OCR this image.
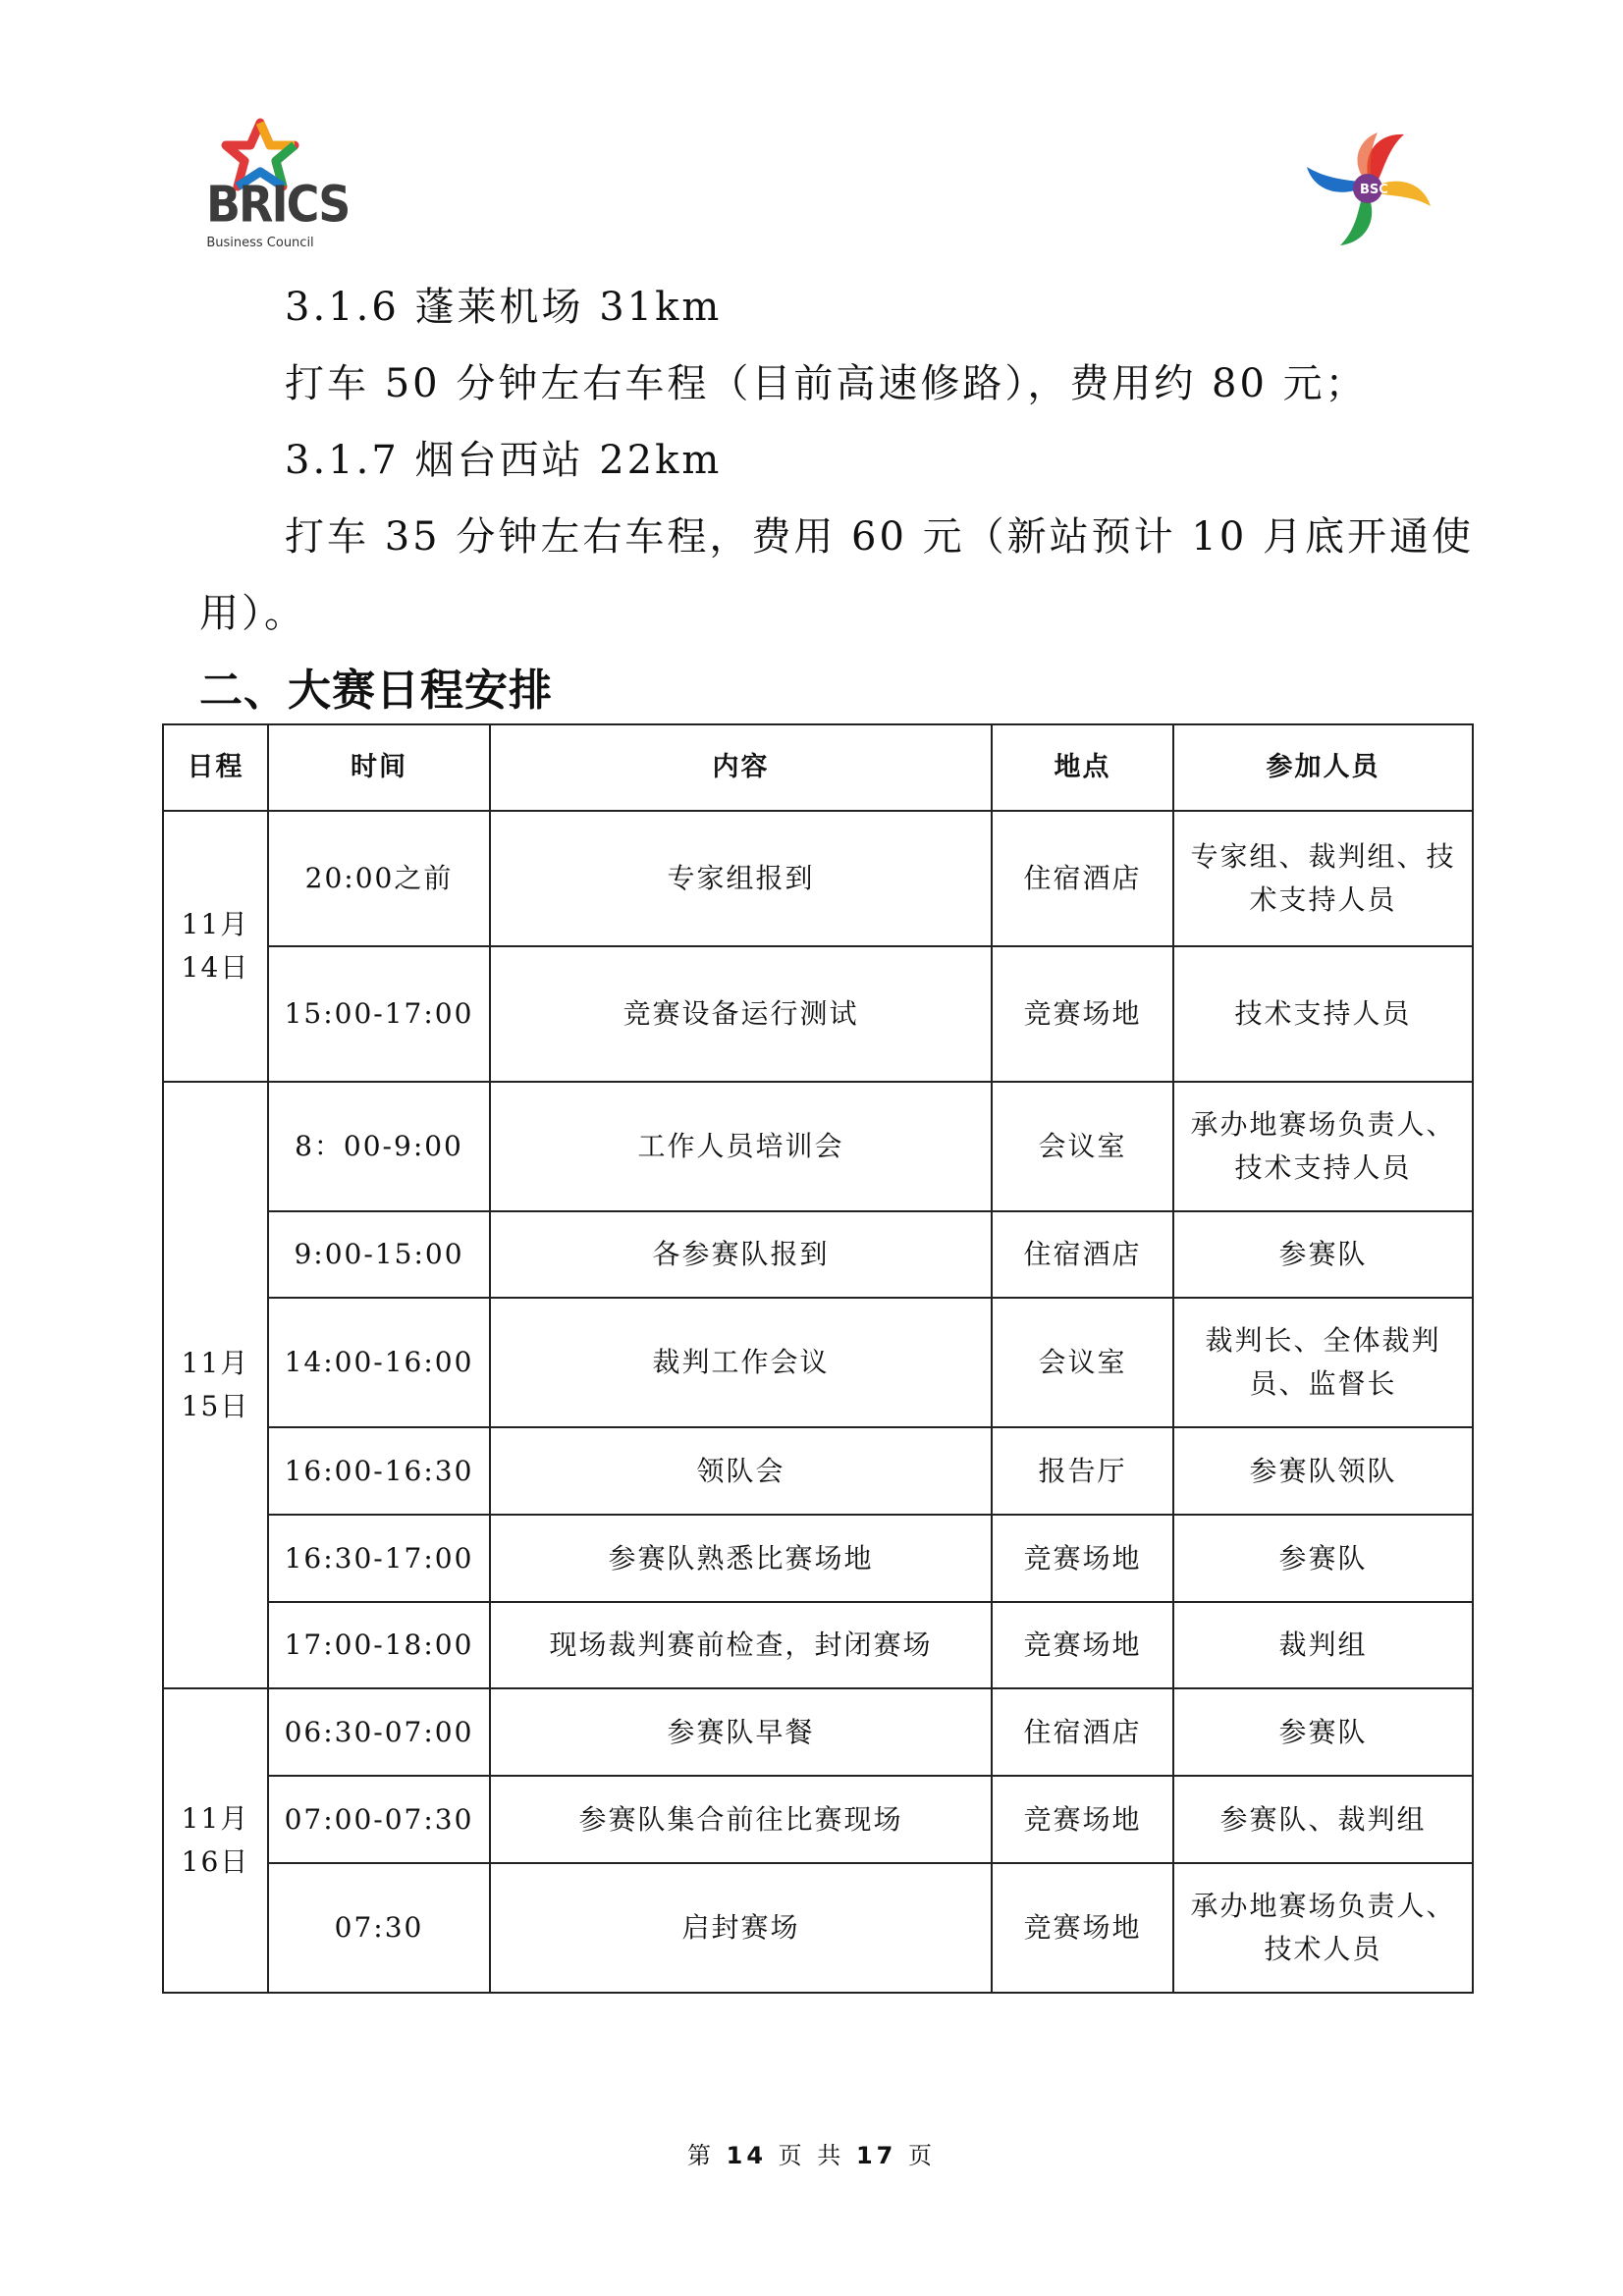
BRICS
Business Council
BSC
3.1.6 蓬莱机场 31km
打车 50 分钟左右车程（目前高速修路），费用约 80 元；
3.1.7 烟台西站 22km
打车 35 分钟左右车程，费用 60 元（新站预计 10 月底开通使
用）。
二、大赛日程安排
日程	时间	内容	地点	参加人员
11月
14日	20:00之前	专家组报到	住宿酒店	专家组、裁判组、技术支持人员
	15:00-17:00	竞赛设备运行测试	竞赛场地	技术支持人员
11月
15日	8：00-9:00	工作人员培训会	会议室	承办地赛场负责人、技术支持人员
	9:00-15:00	各参赛队报到	住宿酒店	参赛队
	14:00-16:00	裁判工作会议	会议室	裁判长、全体裁判员、监督长
	16:00-16:30	领队会	报告厅	参赛队领队
	16:30-17:00	参赛队熟悉比赛场地	竞赛场地	参赛队
	17:00-18:00	现场裁判赛前检查，封闭赛场	竞赛场地	裁判组
11月
16日	06:30-07:00	参赛队早餐	住宿酒店	参赛队
	07:00-07:30	参赛队集合前往比赛现场	竞赛场地	参赛队、裁判组
	07:30	启封赛场	竞赛场地	承办地赛场负责人、技术人员
第 14 页 共 17 页
